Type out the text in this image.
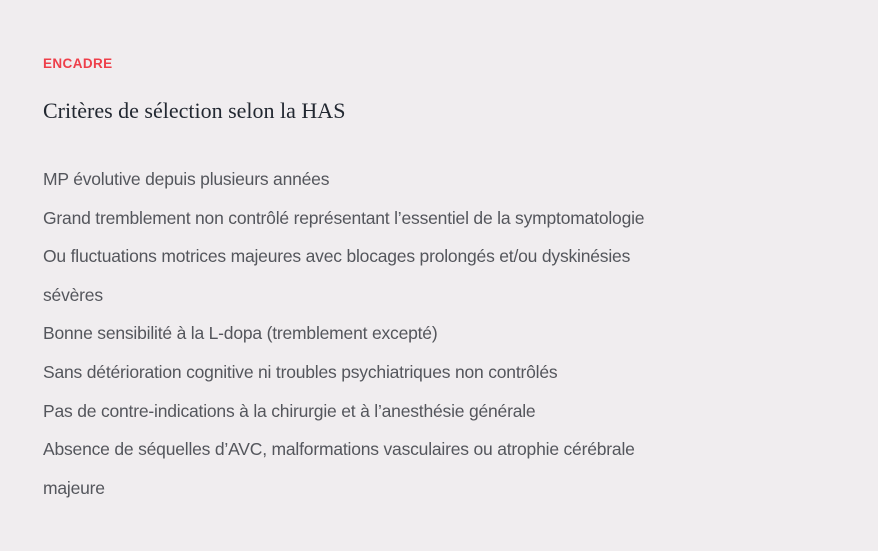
ENCADRE
Critères de sélection selon la HAS
MP évolutive depuis plusieurs années
Grand tremblement non contrôlé représentant l’essentiel de la symptomatologie
Ou fluctuations motrices majeures avec blocages prolongés et/ou dyskinésies
sévères
Bonne sensibilité à la L-dopa (tremblement excepté)
Sans détérioration cognitive ni troubles psychiatriques non contrôlés
Pas de contre-indications à la chirurgie et à l’anesthésie générale
Absence de séquelles d’AVC, malformations vasculaires ou atrophie cérébrale
majeure
